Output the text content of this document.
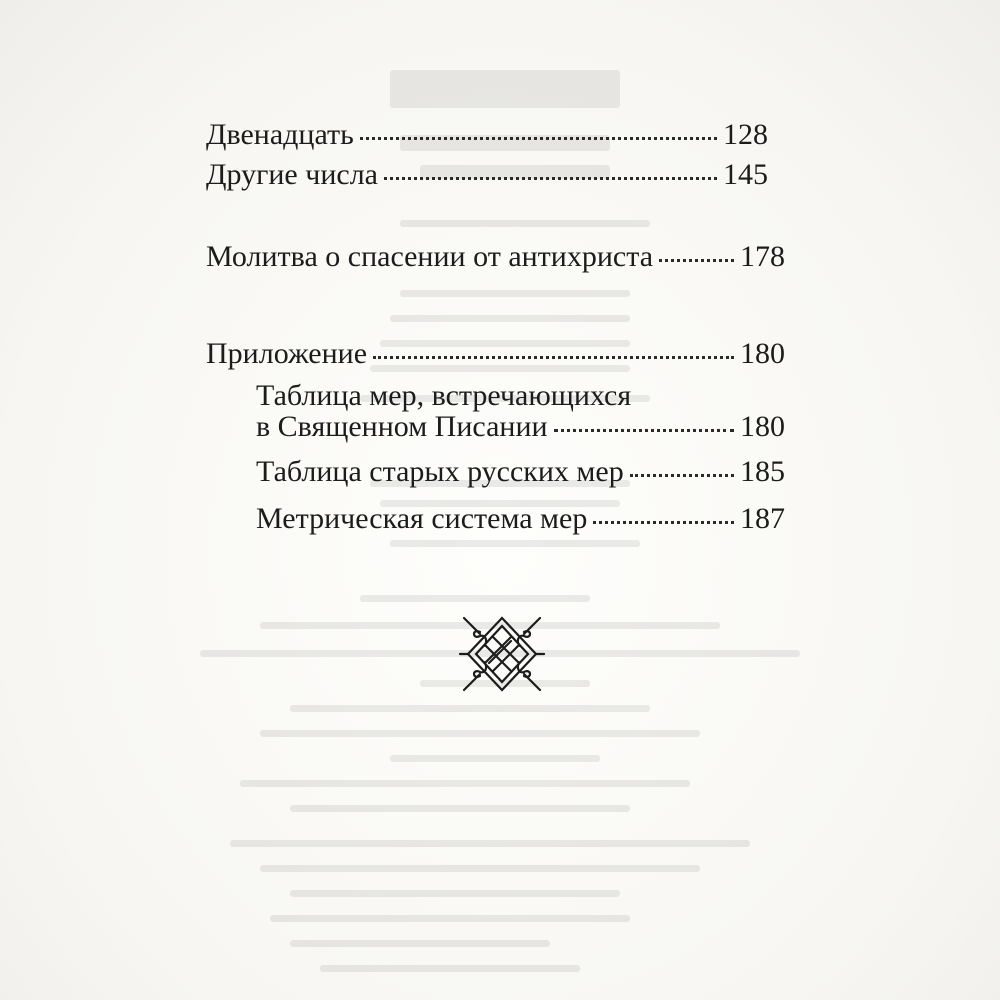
Двенадцать	128
Другие числа	145
Молитва о спасении от антихриста	178
Приложение	180
Таблица мер, встречающихся
в Священном Писании	180
Таблица старых русских мер	185
Метрическая система мер	187
